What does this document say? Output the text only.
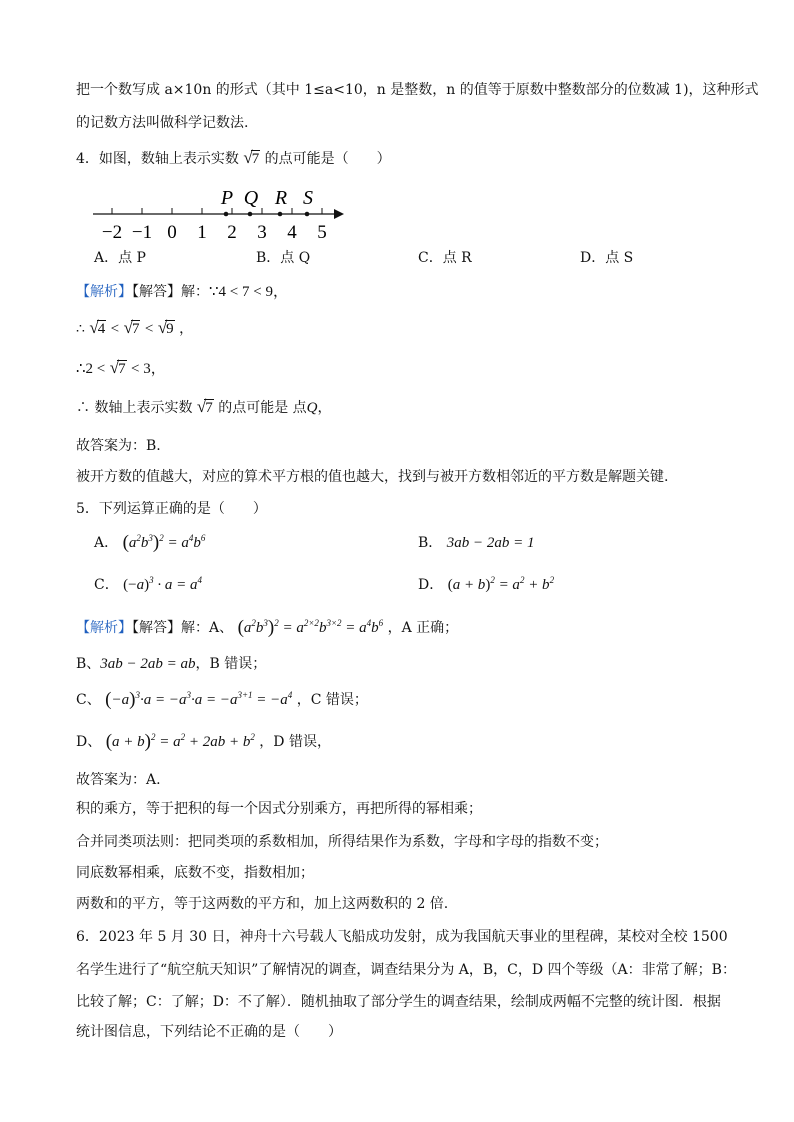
把一个数写成 a×10n 的形式（其中 1≤a<10，n 是整数，n 的值等于原数中整数部分的位数减 1)，这种形式
的记数方法叫做科学记数法.
4．如图，数轴上表示实数 √7 的点可能是（　　）
−2 −1 0 1 2 3 4 5
P Q R S
A．点 P	B．点 Q	C．点 R	D．点 S
【解析】【解答】解：∵4 < 7 < 9，
∴ √4 < √7 < √9 ，
∴2 < √7 < 3，
∴ 数轴上表示实数 √7 的点可能是 点Q，
故答案为：B.
被开方数的值越大，对应的算术平方根的值也越大，找到与被开方数相邻近的平方数是解题关键.
5．下列运算正确的是（　　）
A． $(a^2b^3)^2 = a^4b^6$	B． 3ab − 2ab = 1
C． $(-a)^3 \cdot a = a^4$	D． $(a + b)^2 = a^2 + b^2$
【解析】【解答】解：A、 $(a^2b^3)^2 = a^{2\times 2}b^{3\times 2} = a^4b^6$ ，A 正确；
B、3ab − 2ab = ab，B 错误；
C、 $(-a)^3\cdot a = -a^3\cdot a = -a^{3+1} = -a^4$ ，C 错误；
D、 $(a + b)^2 = a^2 + 2ab + b^2$ ，D 错误，
故答案为：A.
积的乘方，等于把积的每一个因式分别乘方，再把所得的幂相乘；
合并同类项法则：把同类项的系数相加，所得结果作为系数，字母和字母的指数不变；
同底数幂相乘，底数不变，指数相加；
两数和的平方，等于这两数的平方和，加上这两数积的 2 倍.
6．2023 年 5 月 30 日，神舟十六号载人飞船成功发射，成为我国航天事业的里程碑，某校对全校 1500
名学生进行了“航空航天知识”了解情况的调查，调查结果分为 A，B，C，D 四个等级（A：非常了解；B：
比较了解；C：了解；D：不了解）．随机抽取了部分学生的调查结果，绘制成两幅不完整的统计图．根据
统计图信息，下列结论不正确的是（　　）
